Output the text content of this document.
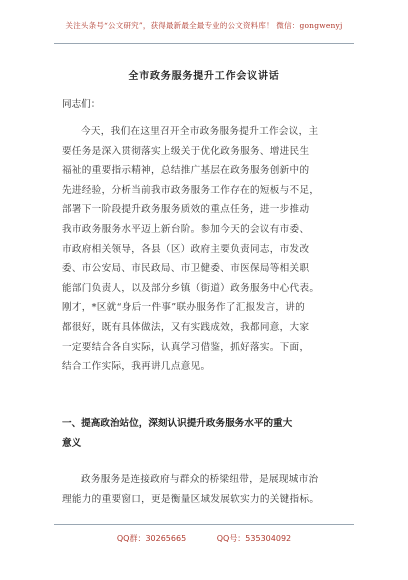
关注头条号“公文研究”，获得最新最全最专业的公文资料库！ 微信：gongwenyj
全市政务服务提升工作会议讲话
同志们：
今天，我们在这里召开全市政务服务提升工作会议，主
要任务是深入贯彻落实上级关于优化政务服务、增进民生
福祉的重要指示精神，总结推广基层在政务服务创新中的
先进经验，分析当前我市政务服务工作存在的短板与不足，
部署下一阶段提升政务服务质效的重点任务，进一步推动
我市政务服务水平迈上新台阶。参加今天的会议有市委、
市政府相关领导，各县（区）政府主要负责同志，市发改
委、市公安局、市民政局、市卫健委、市医保局等相关职
能部门负责人，以及部分乡镇（街道）政务服务中心代表。
刚才，*区就“身后一件事”联办服务作了汇报发言，讲的
都很好，既有具体做法，又有实践成效，我都同意，大家
一定要结合各自实际，认真学习借鉴，抓好落实。下面，
结合工作实际，我再讲几点意见。
一、提高政治站位，深刻认识提升政务服务水平的重大
意义
政务服务是连接政府与群众的桥梁纽带，是展现城市治
理能力的重要窗口，更是衡量区域发展软实力的关键指标。
QQ群：30265665	QQ号：535304092
